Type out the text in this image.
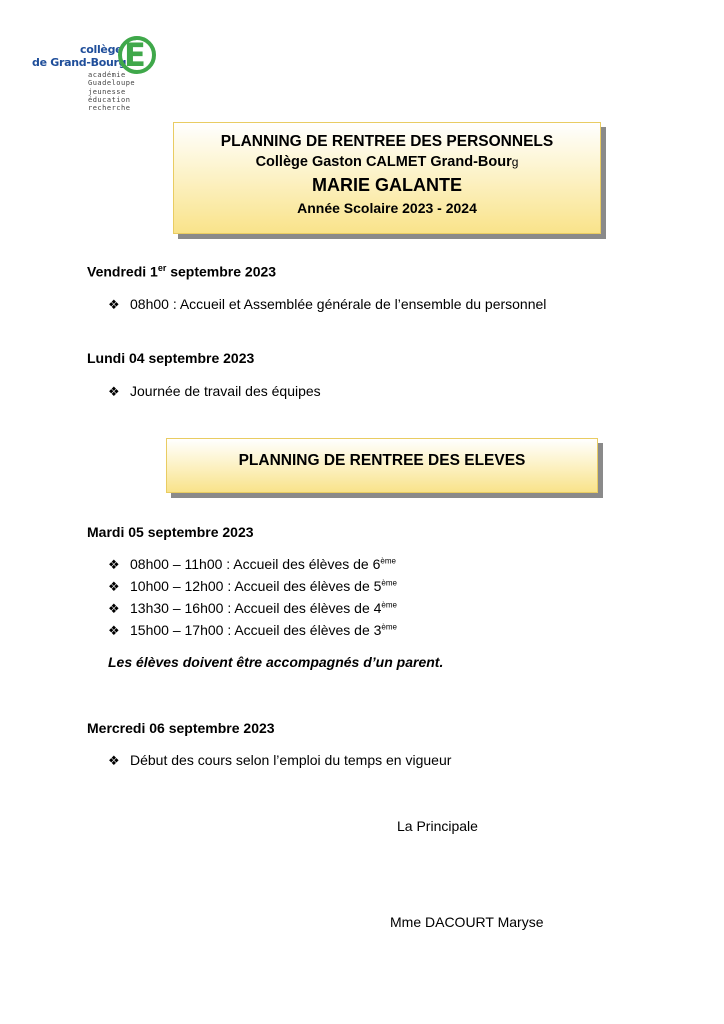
collège
de Grand-Bourg
É
académie
Guadeloupe
jeunesse
éducation
recherche
PLANNING DE RENTREE DES PERSONNELS
Collège Gaston CALMET Grand-Bourg
MARIE GALANTE
Année Scolaire 2023 - 2024
Vendredi 1er septembre 2023
❖ 08h00 : Accueil et Assemblée générale de l’ensemble du personnel
Lundi 04 septembre 2023
❖ Journée de travail des équipes
PLANNING DE RENTREE DES ELEVES
Mardi 05 septembre 2023
❖ 08h00 – 11h00 : Accueil des élèves de 6ème
❖ 10h00 – 12h00 : Accueil des élèves de 5ème
❖ 13h30 – 16h00 : Accueil des élèves de 4ème
❖ 15h00 – 17h00 : Accueil des élèves de 3ème
Les élèves doivent être accompagnés d’un parent.
Mercredi 06 septembre 2023
❖ Début des cours selon l’emploi du temps en vigueur
La Principale
Mme DACOURT Maryse
